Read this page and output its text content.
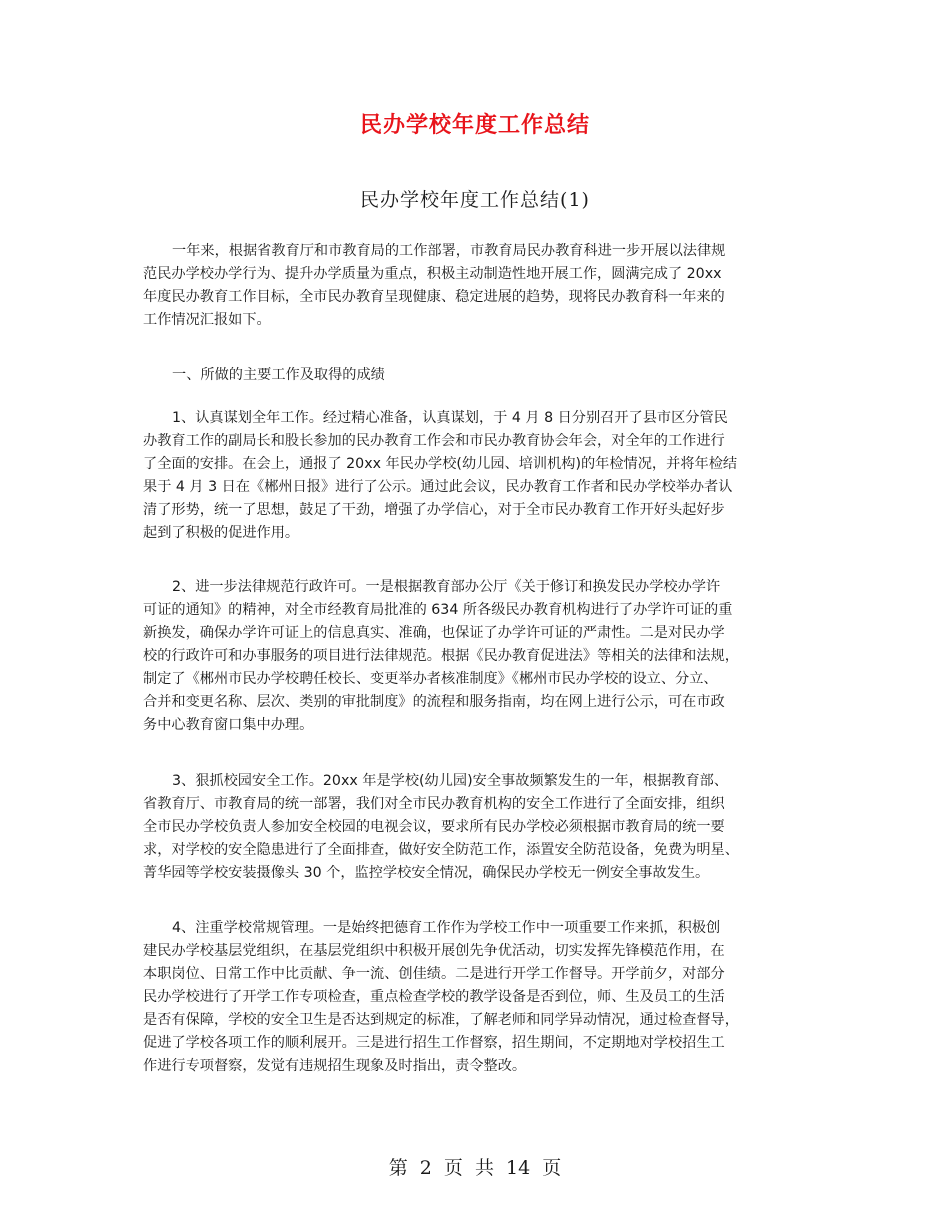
民办学校年度工作总结
民办学校年度工作总结(1)

一年来，根据省教育厅和市教育局的工作部署，市教育局民办教育科进一步开展以法律规

范民办学校办学行为、提升办学质量为重点，积极主动制造性地开展工作，圆满完成了 20xx

年度民办教育工作目标，全市民办教育呈现健康、稳定进展的趋势，现将民办教育科一年来的

工作情况汇报如下。

一、所做的主要工作及取得的成绩

1、认真谋划全年工作。经过精心准备，认真谋划，于 4 月 8 日分别召开了县市区分管民

办教育工作的副局长和股长参加的民办教育工作会和市民办教育协会年会，对全年的工作进行

了全面的安排。在会上，通报了 20xx 年民办学校(幼儿园、培训机构)的年检情况，并将年检结

果于 4 月 3 日在《郴州日报》进行了公示。通过此会议，民办教育工作者和民办学校举办者认

清了形势，统一了思想，鼓足了干劲，增强了办学信心，对于全市民办教育工作开好头起好步

起到了积极的促进作用。

2、进一步法律规范行政许可。一是根据教育部办公厅《关于修订和换发民办学校办学许

可证的通知》的精神，对全市经教育局批准的 634 所各级民办教育机构进行了办学许可证的重

新换发，确保办学许可证上的信息真实、准确，也保证了办学许可证的严肃性。二是对民办学

校的行政许可和办事服务的项目进行法律规范。根据《民办教育促进法》等相关的法律和法规，

制定了《郴州市民办学校聘任校长、变更举办者核准制度》《郴州市民办学校的设立、分立、

合并和变更名称、层次、类别的审批制度》的流程和服务指南，均在网上进行公示，可在市政

务中心教育窗口集中办理。

3、狠抓校园安全工作。20xx 年是学校(幼儿园)安全事故频繁发生的一年，根据教育部、

省教育厅、市教育局的统一部署，我们对全市民办教育机构的安全工作进行了全面安排，组织

全市民办学校负责人参加安全校园的电视会议，要求所有民办学校必须根据市教育局的统一要

求，对学校的安全隐患进行了全面排查，做好安全防范工作，添置安全防范设备，免费为明星、

菁华园等学校安装摄像头 30 个，监控学校安全情况，确保民办学校无一例安全事故发生。

4、注重学校常规管理。一是始终把德育工作作为学校工作中一项重要工作来抓，积极创

建民办学校基层党组织，在基层党组织中积极开展创先争优活动，切实发挥先锋模范作用，在

本职岗位、日常工作中比贡献、争一流、创佳绩。二是进行开学工作督导。开学前夕，对部分

民办学校进行了开学工作专项检查，重点检查学校的教学设备是否到位，师、生及员工的生活

是否有保障，学校的安全卫生是否达到规定的标准，了解老师和同学异动情况，通过检查督导，

促进了学校各项工作的顺利展开。三是进行招生工作督察，招生期间，不定期地对学校招生工

作进行专项督察，发觉有违规招生现象及时指出，责令整改。

第 2 页 共 14 页
